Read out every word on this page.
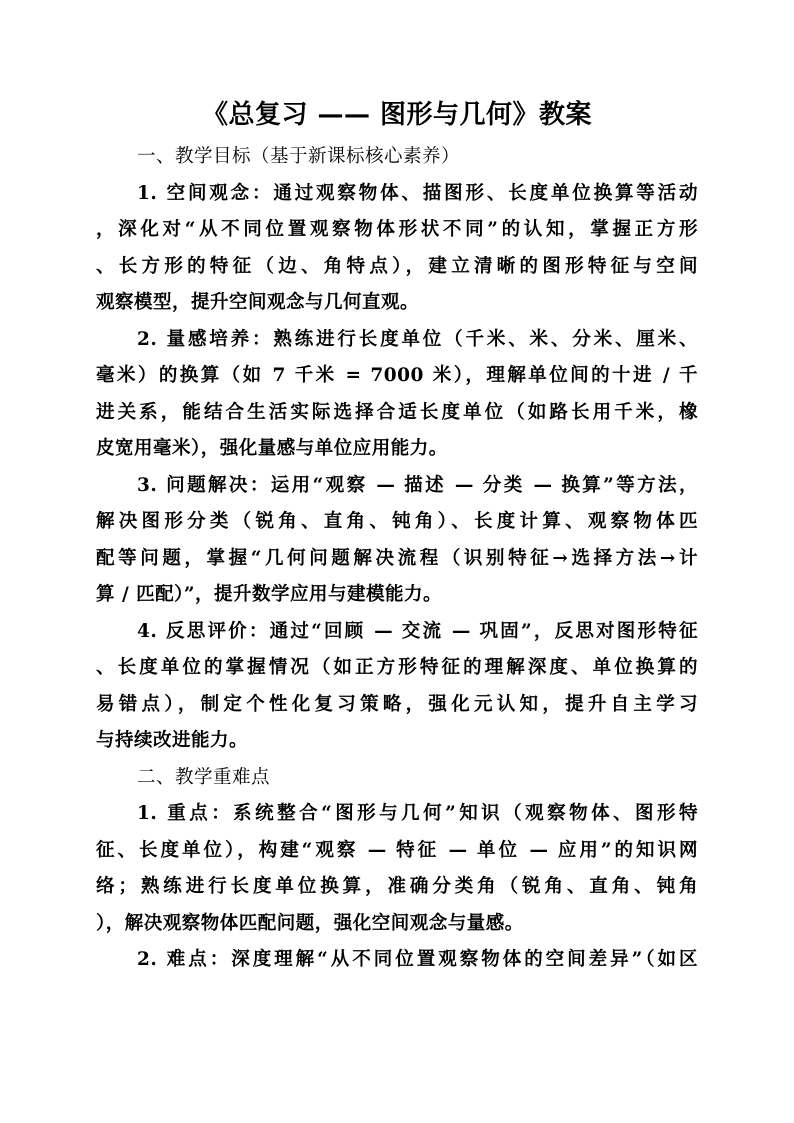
《总复习 —— 图形与几何》教案
一、教学目标（基于新课标核心素养）
1. 空间观念：通过观察物体、描图形、长度单位换算等活动
，深化对“从不同位置观察物体形状不同”的认知，掌握正方形
、长方形的特征（边、角特点），建立清晰的图形特征与空间
观察模型，提升空间观念与几何直观。
2. 量感培养：熟练进行长度单位（千米、米、分米、厘米、
毫米）的换算（如 7 千米 = 7000 米），理解单位间的十进 / 千
进关系，能结合生活实际选择合适长度单位（如路长用千米，橡
皮宽用毫米），强化量感与单位应用能力。
3. 问题解决：运用“观察 — 描述 — 分类 — 换算”等方法，
解决图形分类（锐角、直角、钝角）、长度计算、观察物体匹
配等问题，掌握“几何问题解决流程（识别特征→选择方法→计
算 / 匹配）”，提升数学应用与建模能力。
4. 反思评价：通过“回顾 — 交流 — 巩固”，反思对图形特征
、长度单位的掌握情况（如正方形特征的理解深度、单位换算的
易错点），制定个性化复习策略，强化元认知，提升自主学习
与持续改进能力。
二、教学重难点
1. 重点：系统整合“图形与几何”知识（观察物体、图形特
征、长度单位），构建“观察 — 特征 — 单位 — 应用”的知识网
络；熟练进行长度单位换算，准确分类角（锐角、直角、钝角
），解决观察物体匹配问题，强化空间观念与量感。
2. 难点：深度理解“从不同位置观察物体的空间差异”（如区
